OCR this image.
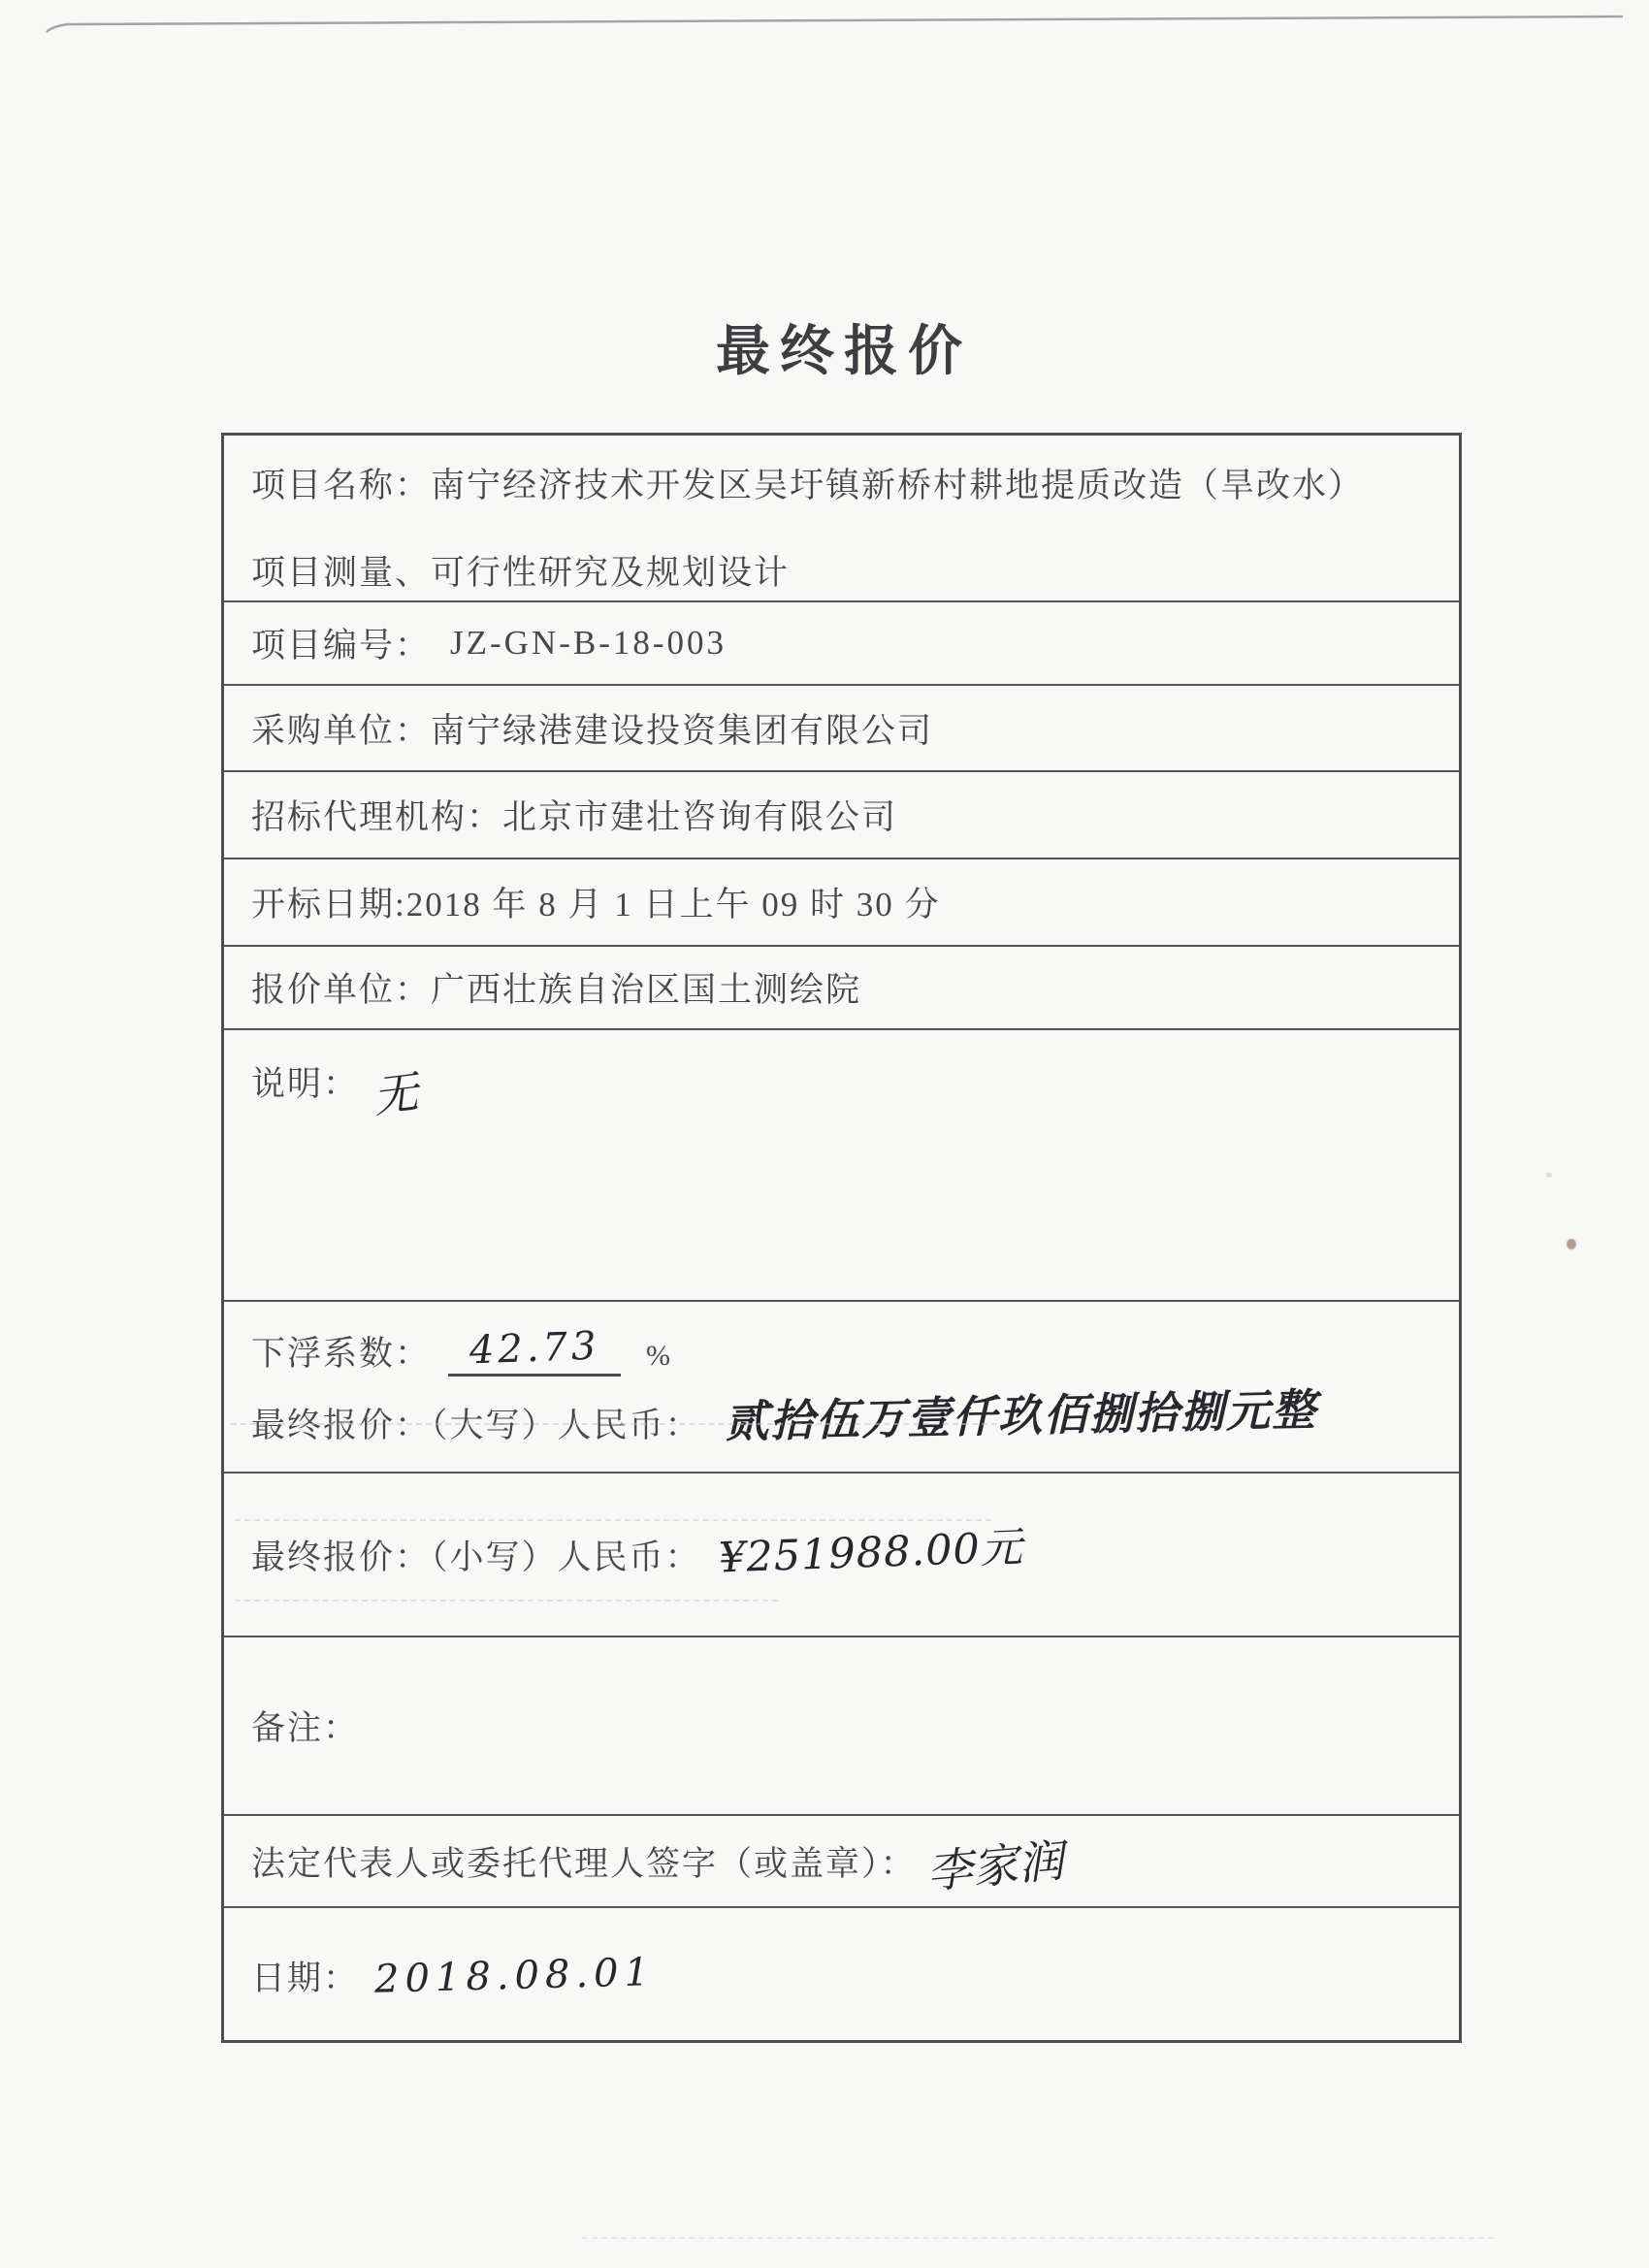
最终报价
项目名称：南宁经济技术开发区吴圩镇新桥村耕地提质改造（旱改水）
项目测量、可行性研究及规划设计
项目编号： JZ-GN-B-18-003
采购单位： 南宁绿港建设投资集团有限公司
招标代理机构： 北京市建壮咨询有限公司
开标日期: 2018 年 8 月 1 日上午 09 时 30 分
报价单位： 广西壮族自治区国土测绘院
说明： 无
下浮系数： 42.73	%
最终报价：（大写）人民币： 贰拾伍万壹仟玖佰捌拾捌元整
最终报价：（小写）人民币： ¥251988.00元
备注：
法定代表人或委托代理人签字（或盖章）： 李家润
日期： 2018.08.01
